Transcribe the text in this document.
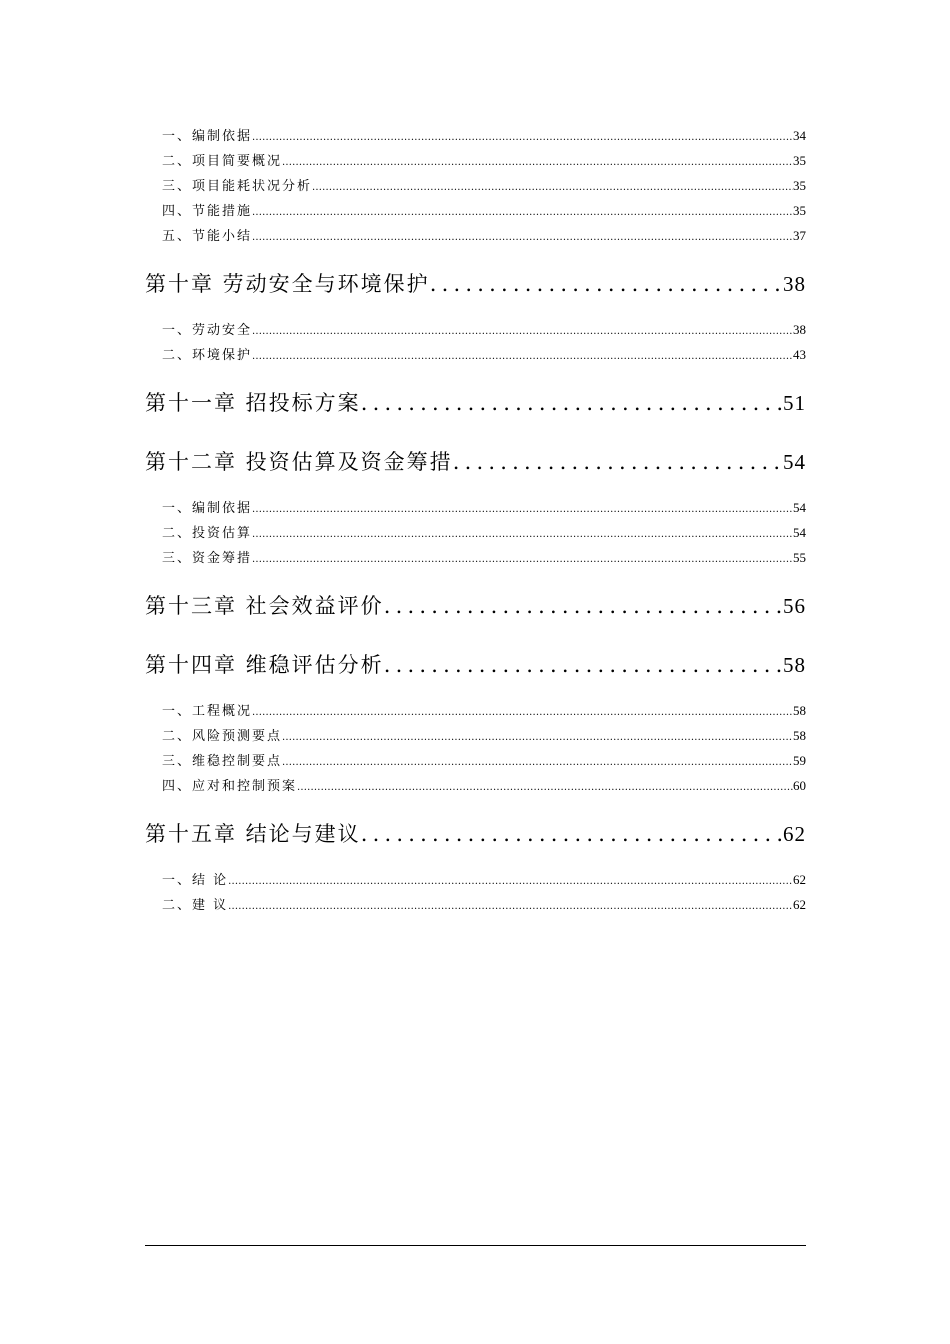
一、编制依据 .....	34
二、项目简要概况 .....	35
三、项目能耗状况分析 .....	35
四、节能措施 .....	35
五、节能小结 .....	37
第十章 劳动安全与环境保护 .....	38
一、劳动安全 .....	38
二、环境保护 .....	43
第十一章 招投标方案 .....	51
第十二章 投资估算及资金筹措 .....	54
一、编制依据 .....	54
二、投资估算 .....	54
三、资金筹措 .....	55
第十三章 社会效益评价 .....	56
第十四章 维稳评估分析 .....	58
一、工程概况 .....	58
二、风险预测要点 .....	58
三、维稳控制要点 .....	59
四、应对和控制预案 .....	60
第十五章 结论与建议 .....	62
一、结 论 .....	62
二、建 议 .....	62
